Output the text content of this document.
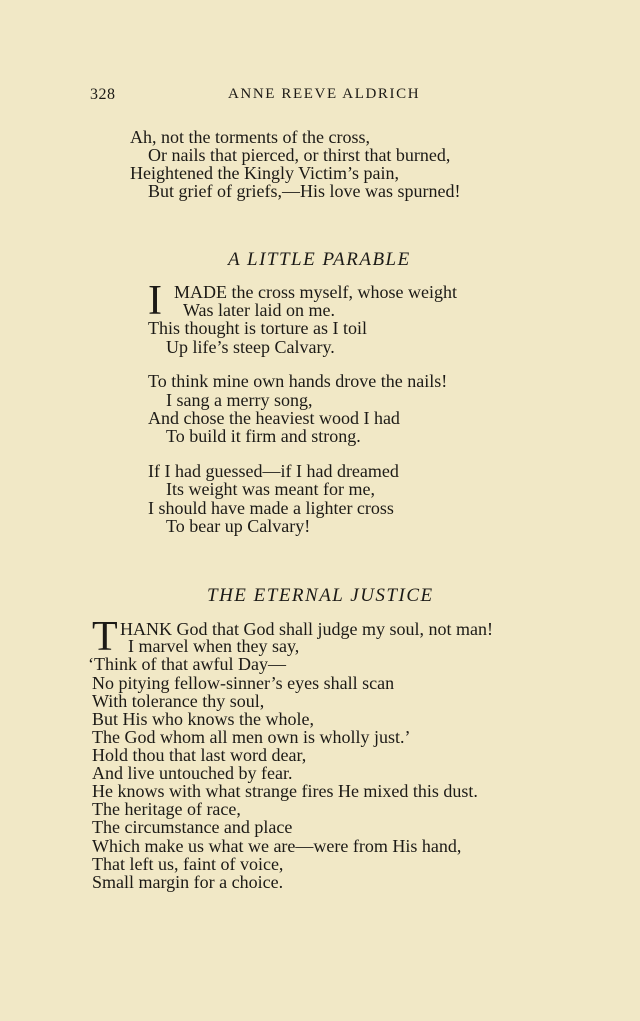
328	ANNE REEVE ALDRICH
Ah, not the torments of the cross,
Or nails that pierced, or thirst that burned,
Heightened the Kingly Victim’s pain,
But grief of griefs,—His love was spurned!
A LITTLE PARABLE
I MADE the cross myself, whose weight
Was later laid on me.
This thought is torture as I toil
Up life’s steep Calvary.
To think mine own hands drove the nails!
I sang a merry song,
And chose the heaviest wood I had
To build it firm and strong.
If I had guessed—if I had dreamed
Its weight was meant for me,
I should have made a lighter cross
To bear up Calvary!
THE ETERNAL JUSTICE
T HANK God that God shall judge my soul, not man!
I marvel when they say,
‘Think of that awful Day—
No pitying fellow-sinner’s eyes shall scan
With tolerance thy soul,
But His who knows the whole,
The God whom all men own is wholly just.’
Hold thou that last word dear,
And live untouched by fear.
He knows with what strange fires He mixed this dust.
The heritage of race,
The circumstance and place
Which make us what we are—were from His hand,
That left us, faint of voice,
Small margin for a choice.
